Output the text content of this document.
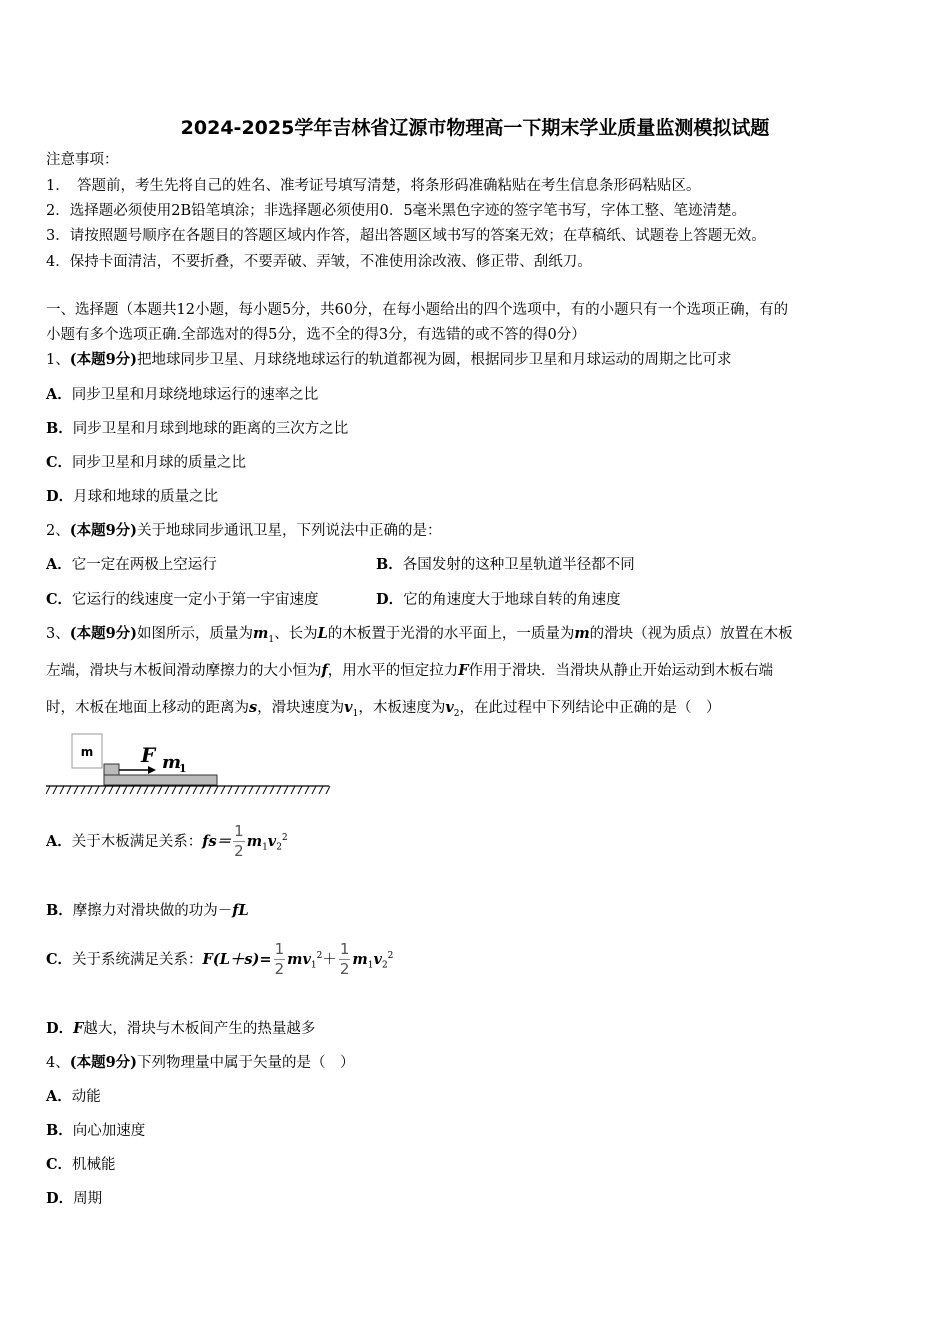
2024-2025学年吉林省辽源市物理高一下期末学业质量监测模拟试题
注意事项：
1．　答题前，考生先将自己的姓名、准考证号填写清楚，将条形码准确粘贴在考生信息条形码粘贴区。
2．选择题必须使用2B铅笔填涂；非选择题必须使用0．5毫米黑色字迹的签字笔书写，字体工整、笔迹清楚。
3．请按照题号顺序在各题目的答题区域内作答，超出答题区域书写的答案无效；在草稿纸、试题卷上答题无效。
4．保持卡面清洁，不要折叠，不要弄破、弄皱，不准使用涂改液、修正带、刮纸刀。
一、选择题（本题共12小题，每小题5分，共60分，在每小题给出的四个选项中，有的小题只有一个选项正确，有的
小题有多个选项正确.全部选对的得5分，选不全的得3分，有选错的或不答的得0分）
1、(本题9分)把地球同步卫星、月球绕地球运行的轨道都视为圆，根据同步卫星和月球运动的周期之比可求
A．同步卫星和月球绕地球运行的速率之比
B．同步卫星和月球到地球的距离的三次方之比
C．同步卫星和月球的质量之比
D．月球和地球的质量之比
2、(本题9分)关于地球同步通讯卫星，下列说法中正确的是：
A．它一定在两极上空运行	B．各国发射的这种卫星轨道半径都不同
C．它运行的线速度一定小于第一宇宙速度	D．它的角速度大于地球自转的角速度
3、(本题9分)如图所示，质量为$m_1$、长为L的木板置于光滑的水平面上，一质量为m的滑块（视为质点）放置在木板
左端，滑块与木板间滑动摩擦力的大小恒为f，用水平的恒定拉力F作用于滑块．当滑块从静止开始运动到木板右端
时，木板在地面上移动的距离为s，滑块速度为$v_1$，木板速度为$v_2$，在此过程中下列结论中正确的是（　）
m F m
1
A．关于木板满足关系：$fs= \frac{1}{2} m_1v_2^2$
B．摩擦力对滑块做的功为－fL
C．关于系统满足关系：$F(L+s)= \frac{1}{2} mv_1^2+ \frac{1}{2} m_1v_2^2$
D．F越大，滑块与木板间产生的热量越多
4、(本题9分)下列物理量中属于矢量的是（　）
A．动能
B．向心加速度
C．机械能
D．周期
